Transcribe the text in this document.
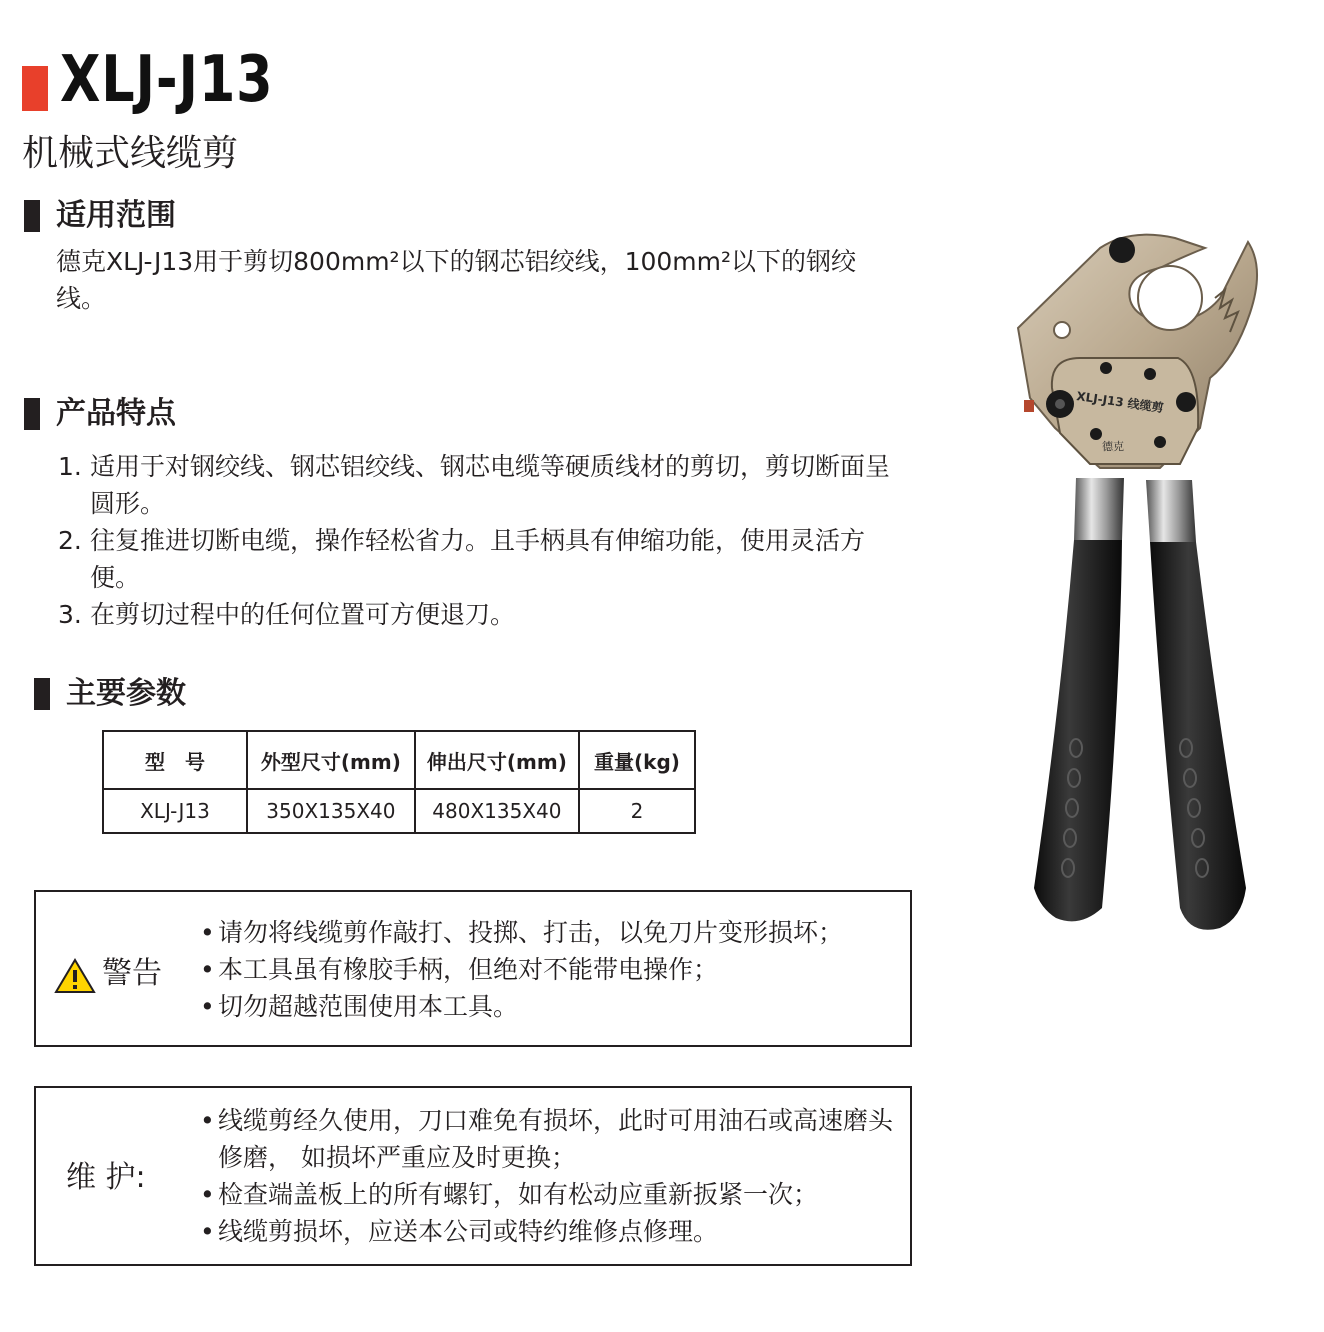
XLJ-J13
机械式线缆剪
适用范围
德克XLJ-J13用于剪切800mm²以下的钢芯铝绞线，100mm²以下的钢绞线。
产品特点
1. 适用于对钢绞线、钢芯铝绞线、钢芯电缆等硬质线材的剪切，剪切断面呈圆形。
2. 往复推进切断电缆，操作轻松省力。且手柄具有伸缩功能，使用灵活方便。
3. 在剪切过程中的任何位置可方便退刀。
主要参数
型　号	外型尺寸(mm)	伸出尺寸(mm)	重量(kg)
XLJ-J13	350X135X40	480X135X40	2
警告
• 请勿将线缆剪作敲打、投掷、打击，以免刀片变形损坏；
• 本工具虽有橡胶手柄，但绝对不能带电操作；
• 切勿超越范围使用本工具。
维 护:
• 线缆剪经久使用，刀口难免有损坏，此时可用油石或高速磨头修磨， 如损坏严重应及时更换；
• 检查端盖板上的所有螺钉，如有松动应重新扳紧一次；
• 线缆剪损坏，应送本公司或特约维修点修理。
XLJ-J13 线缆剪
德克
